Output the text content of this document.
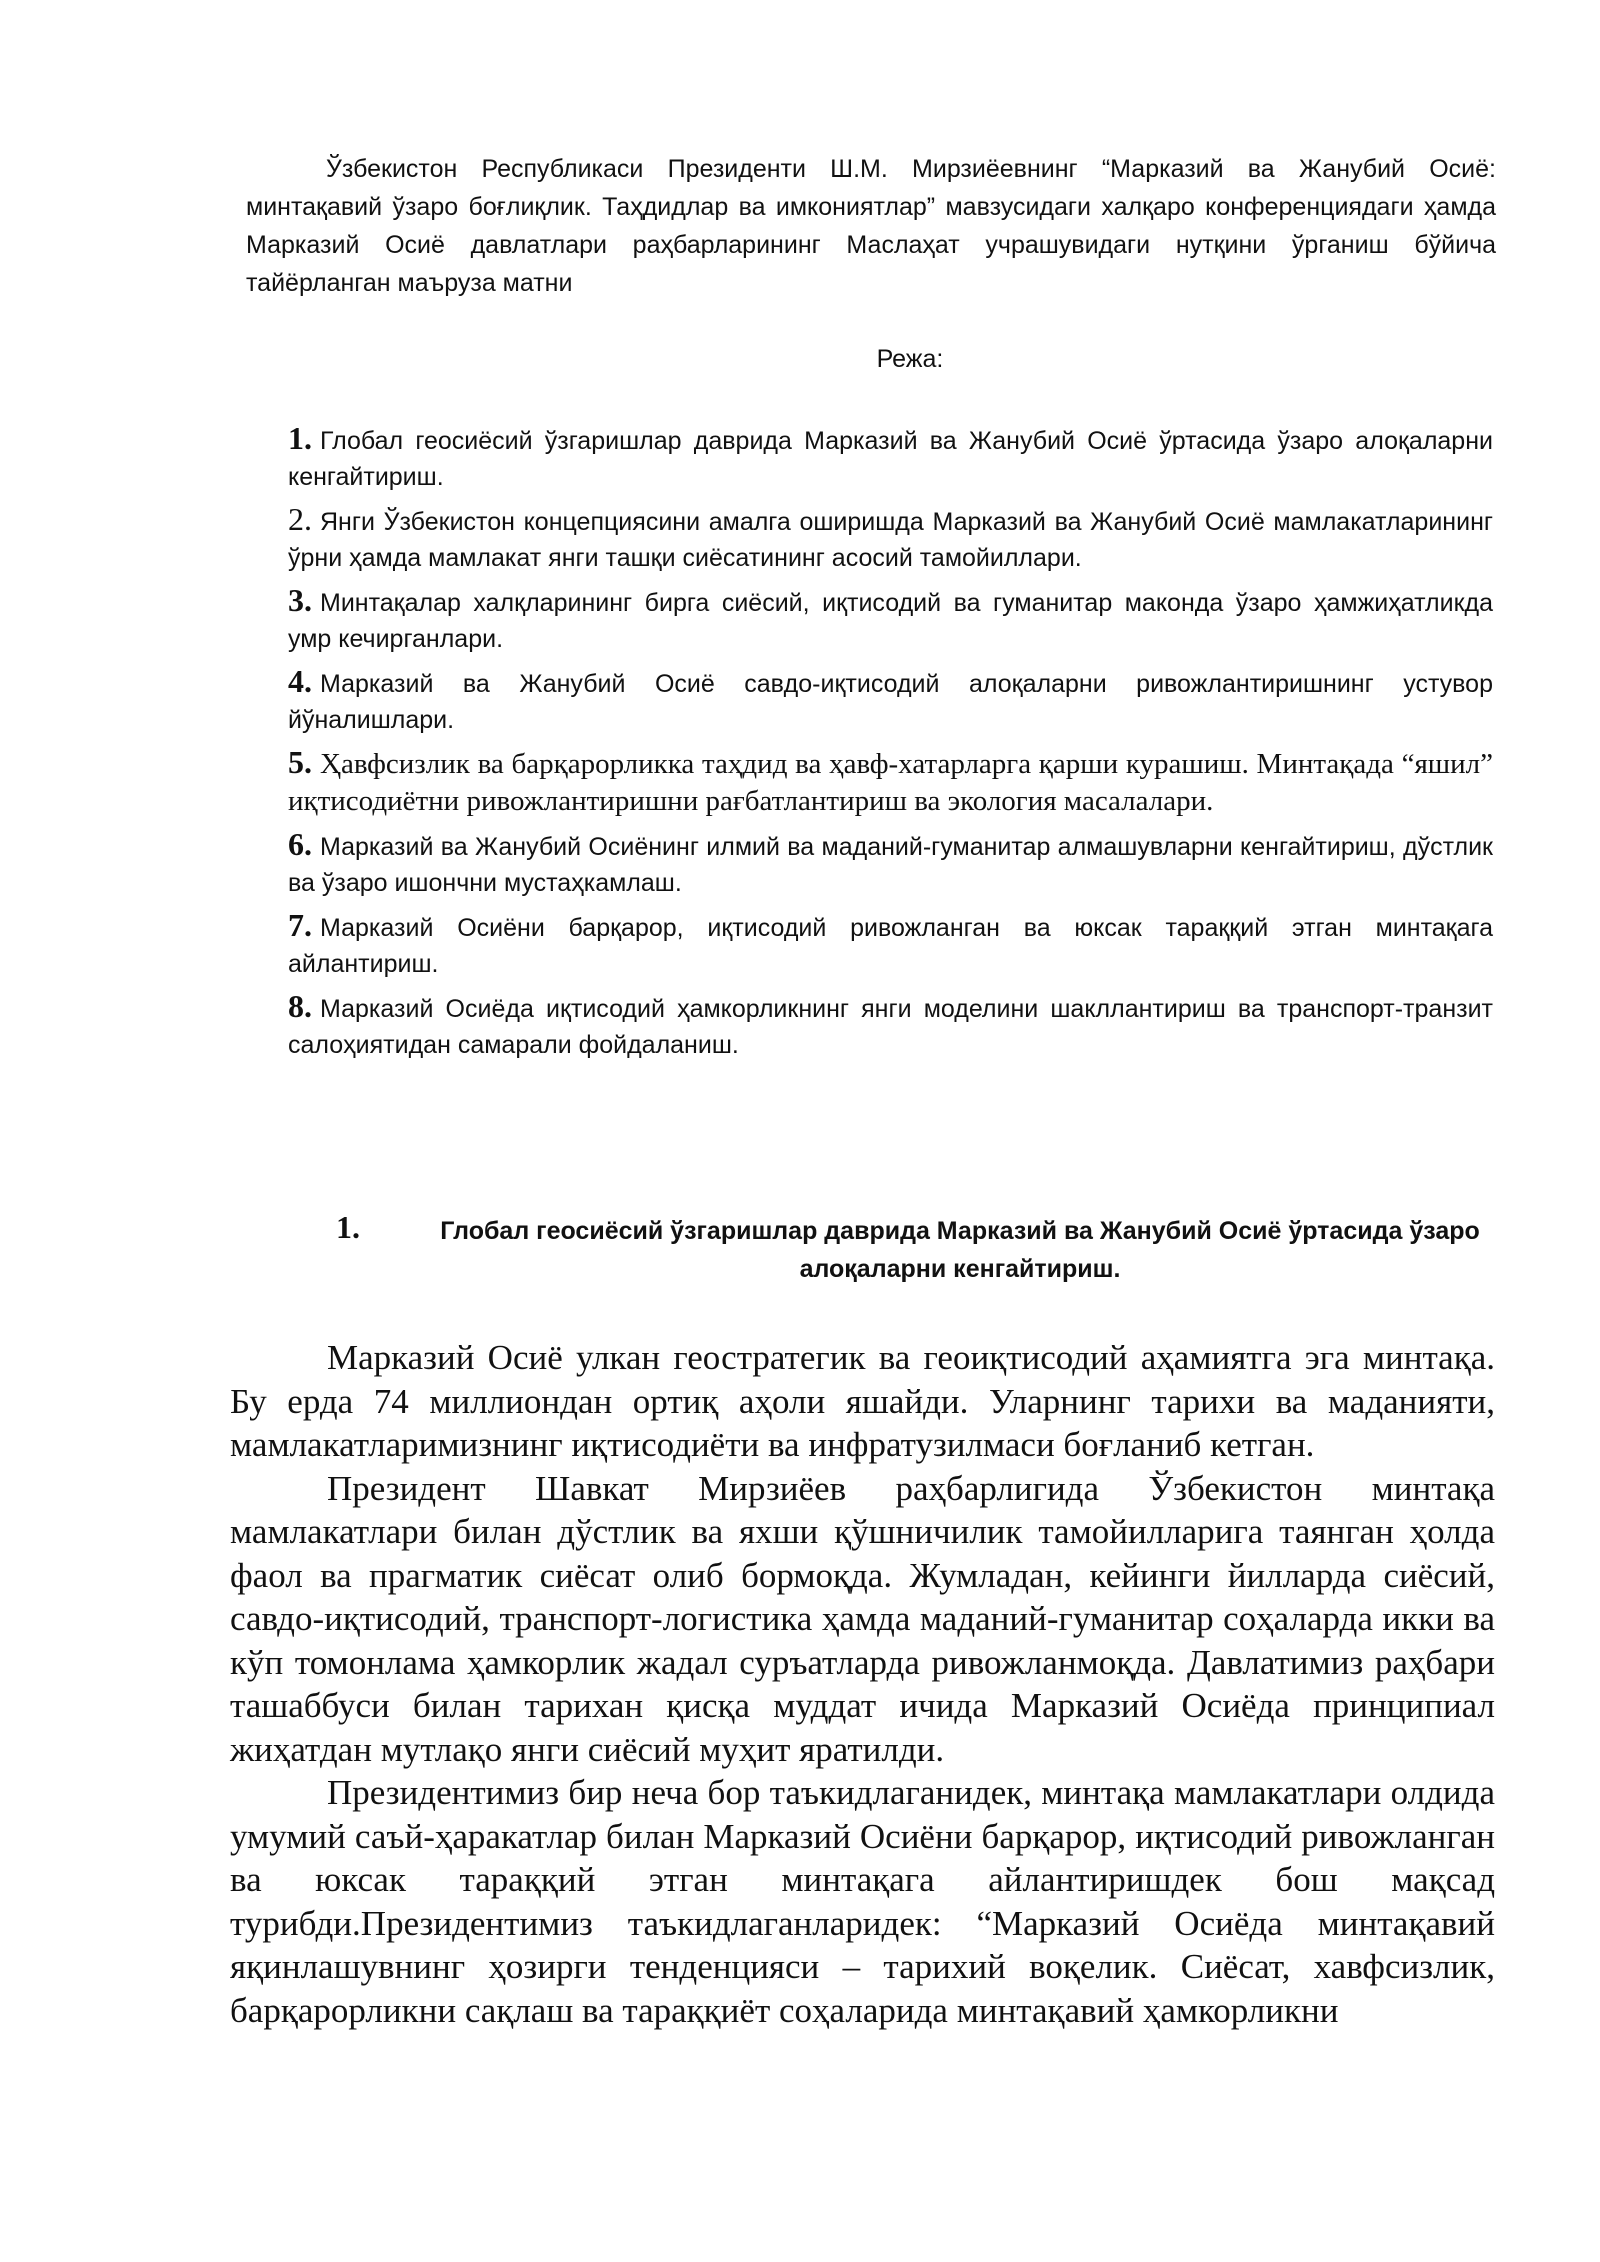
Ўзбекистон Республикаси Президенти Ш.М. Мирзиёевнинг “Марказий ва Жанубий Осиё: минтақавий ўзаро боғлиқлик. Таҳдидлар ва имкониятлар” мавзусидаги халқаро конференциядаги ҳамда Марказий Осиё давлатлари раҳбарларининг Маслаҳат учрашувидаги нутқини ўрганиш бўйича тайёрланган маъруза матни

Режа:

1. Глобал геосиёсий ўзгаришлар даврида Марказий ва Жанубий Осиё ўртасида ўзаро алоқаларни кенгайтириш.
2. Янги Ўзбекистон концепциясини амалга оширишда Марказий ва Жанубий Осиё мамлакатларининг ўрни ҳамда мамлакат янги ташқи сиёсатининг асосий тамойиллари.
3. Минтақалар халқларининг бирга сиёсий, иқтисодий ва гуманитар маконда ўзаро ҳамжиҳатликда умр кечирганлари.
4. Марказий ва Жанубий Осиё савдо-иқтисодий алоқаларни ривожлантиришнинг устувор йўналишлари.
5. Ҳавфсизлик ва барқарорликка таҳдид ва ҳавф-хатарларга қарши курашиш. Минтақада “яшил” иқтисодиётни ривожлантиришни рағбатлантириш ва экология масалалари.
6. Марказий ва Жанубий Осиёнинг илмий ва маданий-гуманитар алмашувларни кенгайтириш, дўстлик ва ўзаро ишончни мустаҳкамлаш.
7. Марказий Осиёни барқарор, иқтисодий ривожланган ва юксак тараққий этган минтақага айлантириш.
8. Марказий Осиёда иқтисодий ҳамкорликнинг янги моделини шакллантириш ва транспорт-транзит салоҳиятидан самарали фойдаланиш.
1.	Глобал геосиёсий ўзгаришлар даврида Марказий ва Жанубий Осиё ўртасида ўзаро алоқаларни кенгайтириш.

Марказий Осиё улкан геостратегик ва геоиқтисодий аҳамиятга эга минтақа. Бу ерда 74 миллиондан ортиқ аҳоли яшайди. Уларнинг тарихи ва маданияти, мамлакатларимизнинг иқтисодиёти ва инфратузилмаси боғланиб кетган.

Президент Шавкат Мирзиёев раҳбарлигида Ўзбекистон минтақа мамлакатлари билан дўстлик ва яхши қўшничилик тамойилларига таянган ҳолда фаол ва прагматик сиёсат олиб бормоқда. Жумладан, кейинги йилларда сиёсий, савдо-иқтисодий, транспорт-логистика ҳамда маданий-гуманитар соҳаларда икки ва кўп томонлама ҳамкорлик жадал суръатларда ривожланмоқда. Давлатимиз раҳбари ташаббуси билан тарихан қисқа муддат ичида Марказий Осиёда принципиал жиҳатдан мутлақо янги сиёсий муҳит яратилди.

Президентимиз бир неча бор таъкидлаганидек, минтақа мамлакатлари олдида умумий саъй-ҳаракатлар билан Марказий Осиёни барқарор, иқтисодий ривожланган ва юксак тараққий этган минтақага айлантиришдек бош мақсад турибди.Президентимиз таъкидлаганларидек: “Марказий Осиёда минтақавий яқинлашувнинг ҳозирги тенденцияси – тарихий воқелик. Сиёсат, хавфсизлик, барқарорликни сақлаш ва тараққиёт соҳаларида минтақавий ҳамкорликни
